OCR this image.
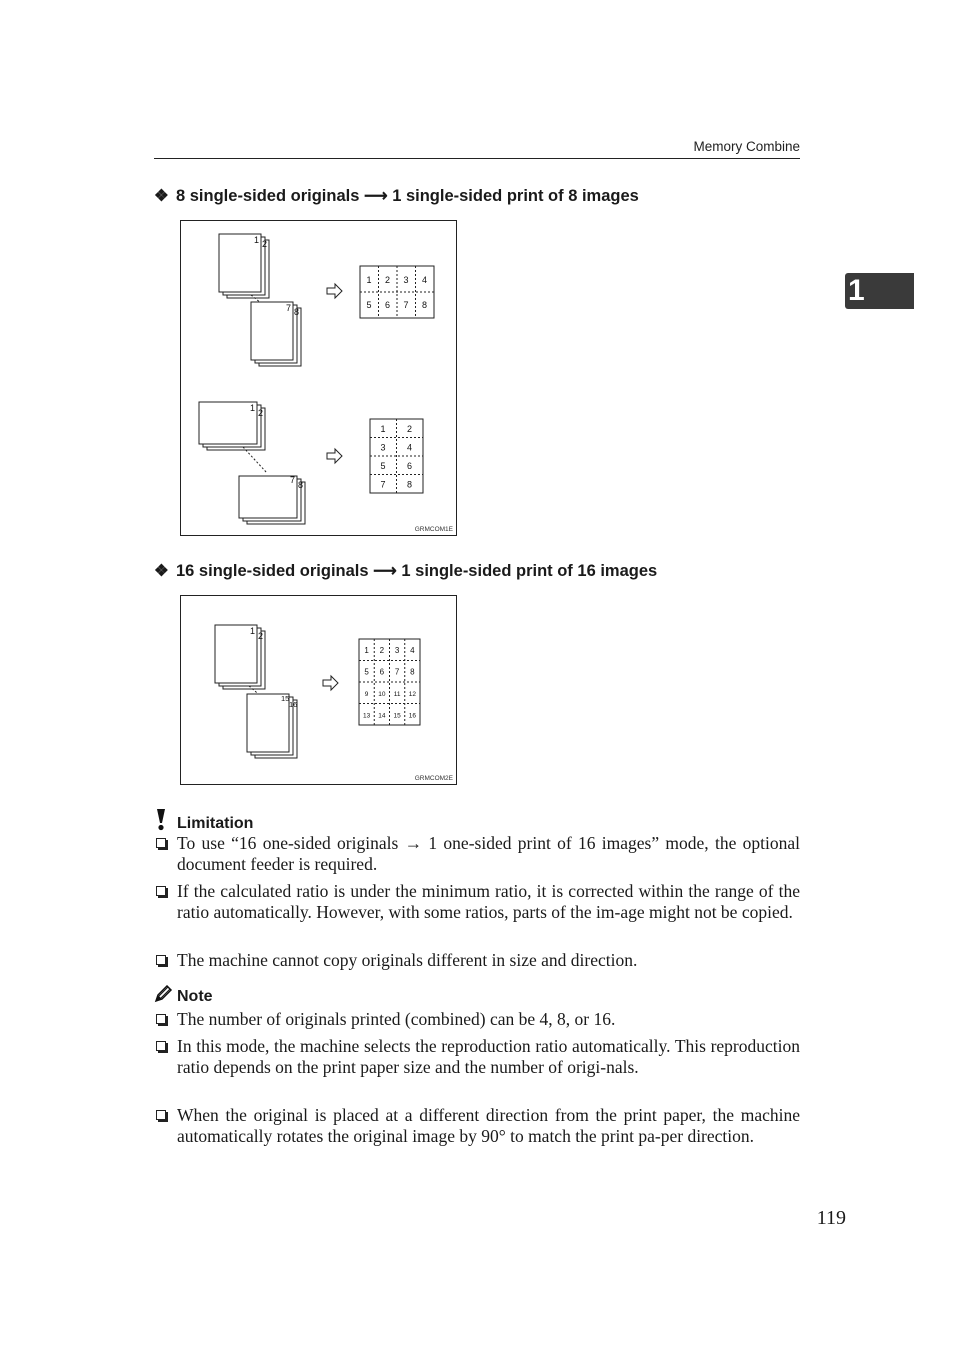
Memory Combine
1
❖ 8 single-sided originals ⟶ 1 single-sided print of 8 images
1 2
7 8
1 2 3 4
5 6 7 8
1 2
7 8
1 2
3 4
5 6
7 8
GRMCOM1E
❖ 16 single-sided originals ⟶ 1 single-sided print of 16 images
1 2
15
16
1 2 3 4
5 6 7 8
9 10 11 12
13 14 15 16
GRMCOM2E
Limitation
To use “16 one-sided originals → 1 one-sided print of 16 images” mode, the optional document feeder is required.
If the calculated ratio is under the minimum ratio, it is corrected within the range of the ratio automatically. However, with some ratios, parts of the im-age might not be copied.
The machine cannot copy originals different in size and direction.
Note
The number of originals printed (combined) can be 4, 8, or 16.
In this mode, the machine selects the reproduction ratio automatically. This reproduction ratio depends on the print paper size and the number of origi-nals.
When the original is placed at a different direction from the print paper, the machine automatically rotates the original image by 90° to match the print pa-per direction.
119
